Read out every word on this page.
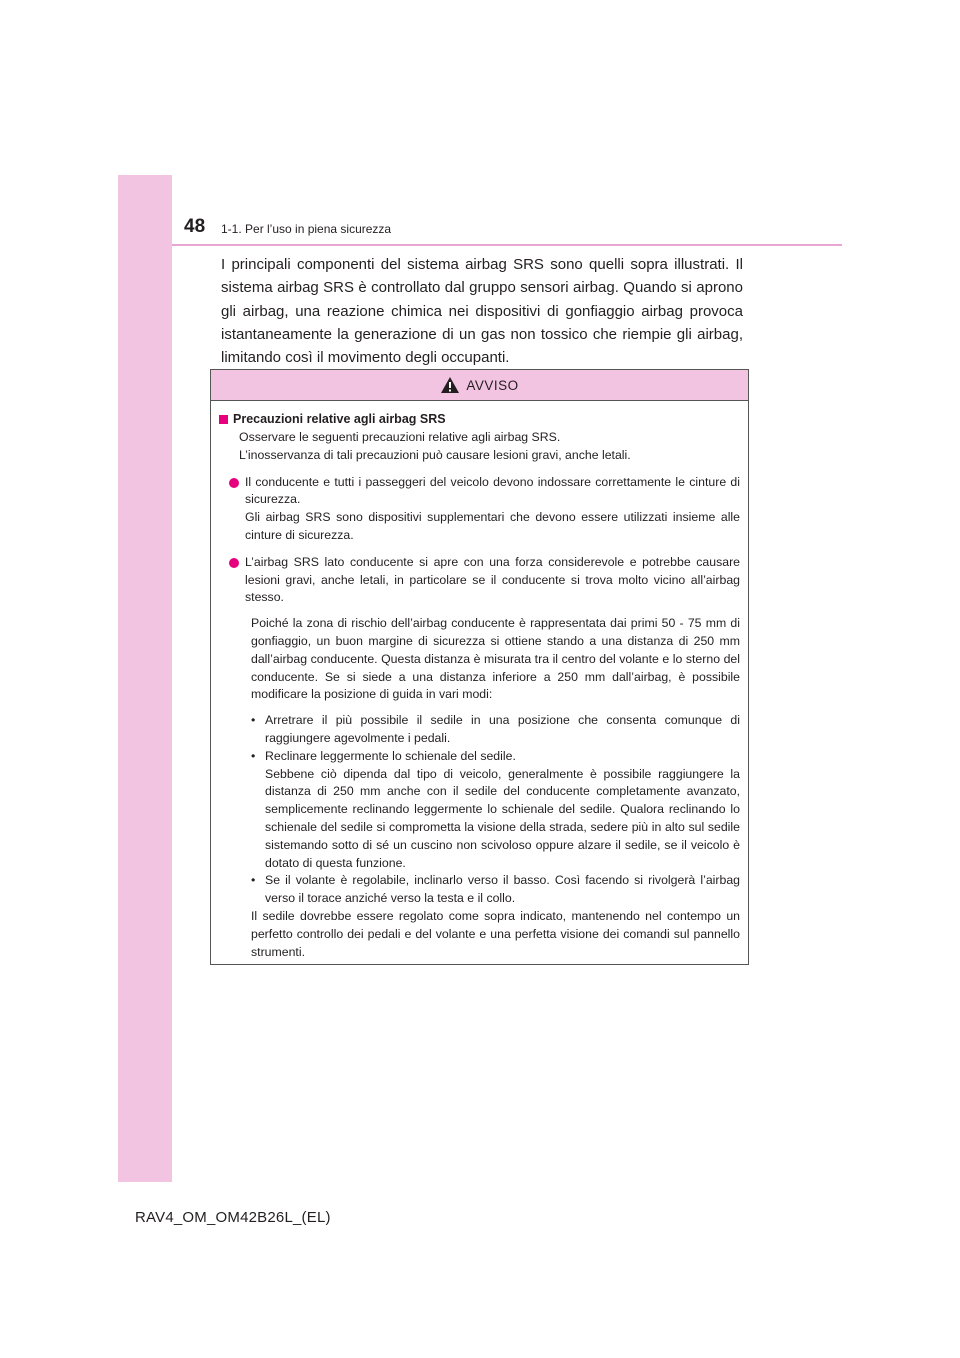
48 1-1. Per l’uso in piena sicurezza

I principali componenti del sistema airbag SRS sono quelli sopra illustrati. Il sistema airbag SRS è controllato dal gruppo sensori airbag. Quando si aprono gli airbag, una reazione chimica nei dispositivi di gonfiaggio airbag provoca istantaneamente la generazione di un gas non tossico che riempie gli airbag, limitando così il movimento degli occupanti.

AVVISO
Precauzioni relative agli airbag SRS

Osservare le seguenti precauzioni relative agli airbag SRS.

L’inosservanza di tali precauzioni può causare lesioni gravi, anche letali.

Il conducente e tutti i passeggeri del veicolo devono indossare correttamente le cinture di sicurezza.

Gli airbag SRS sono dispositivi supplementari che devono essere utilizzati insieme alle cinture di sicurezza.

L’airbag SRS lato conducente si apre con una forza considerevole e potrebbe causare lesioni gravi, anche letali, in particolare se il conducente si trova molto vicino all’airbag stesso.

Poiché la zona di rischio dell’airbag conducente è rappresentata dai primi 50 - 75 mm di gonfiaggio, un buon margine di sicurezza si ottiene stando a una distanza di 250 mm dall’airbag conducente. Questa distanza è misurata tra il centro del volante e lo sterno del conducente. Se si siede a una distanza inferiore a 250 mm dall’airbag, è possibile modificare la posizione di guida in vari modi:

• Arretrare il più possibile il sedile in una posizione che consenta comunque di raggiungere agevolmente i pedali.

• Reclinare leggermente lo schienale del sedile.

Sebbene ciò dipenda dal tipo di veicolo, generalmente è possibile raggiungere la distanza di 250 mm anche con il sedile del conducente completamente avanzato, semplicemente reclinando leggermente lo schienale del sedile. Qualora reclinando lo schienale del sedile si comprometta la visione della strada, sedere più in alto sul sedile sistemando sotto di sé un cuscino non scivoloso oppure alzare il sedile, se il veicolo è dotato di questa funzione.

• Se il volante è regolabile, inclinarlo verso il basso. Così facendo si rivolgerà l’airbag verso il torace anziché verso la testa e il collo.

Il sedile dovrebbe essere regolato come sopra indicato, mantenendo nel contempo un perfetto controllo dei pedali e del volante e una perfetta visione dei comandi sul pannello strumenti.

RAV4_OM_OM42B26L_(EL)
